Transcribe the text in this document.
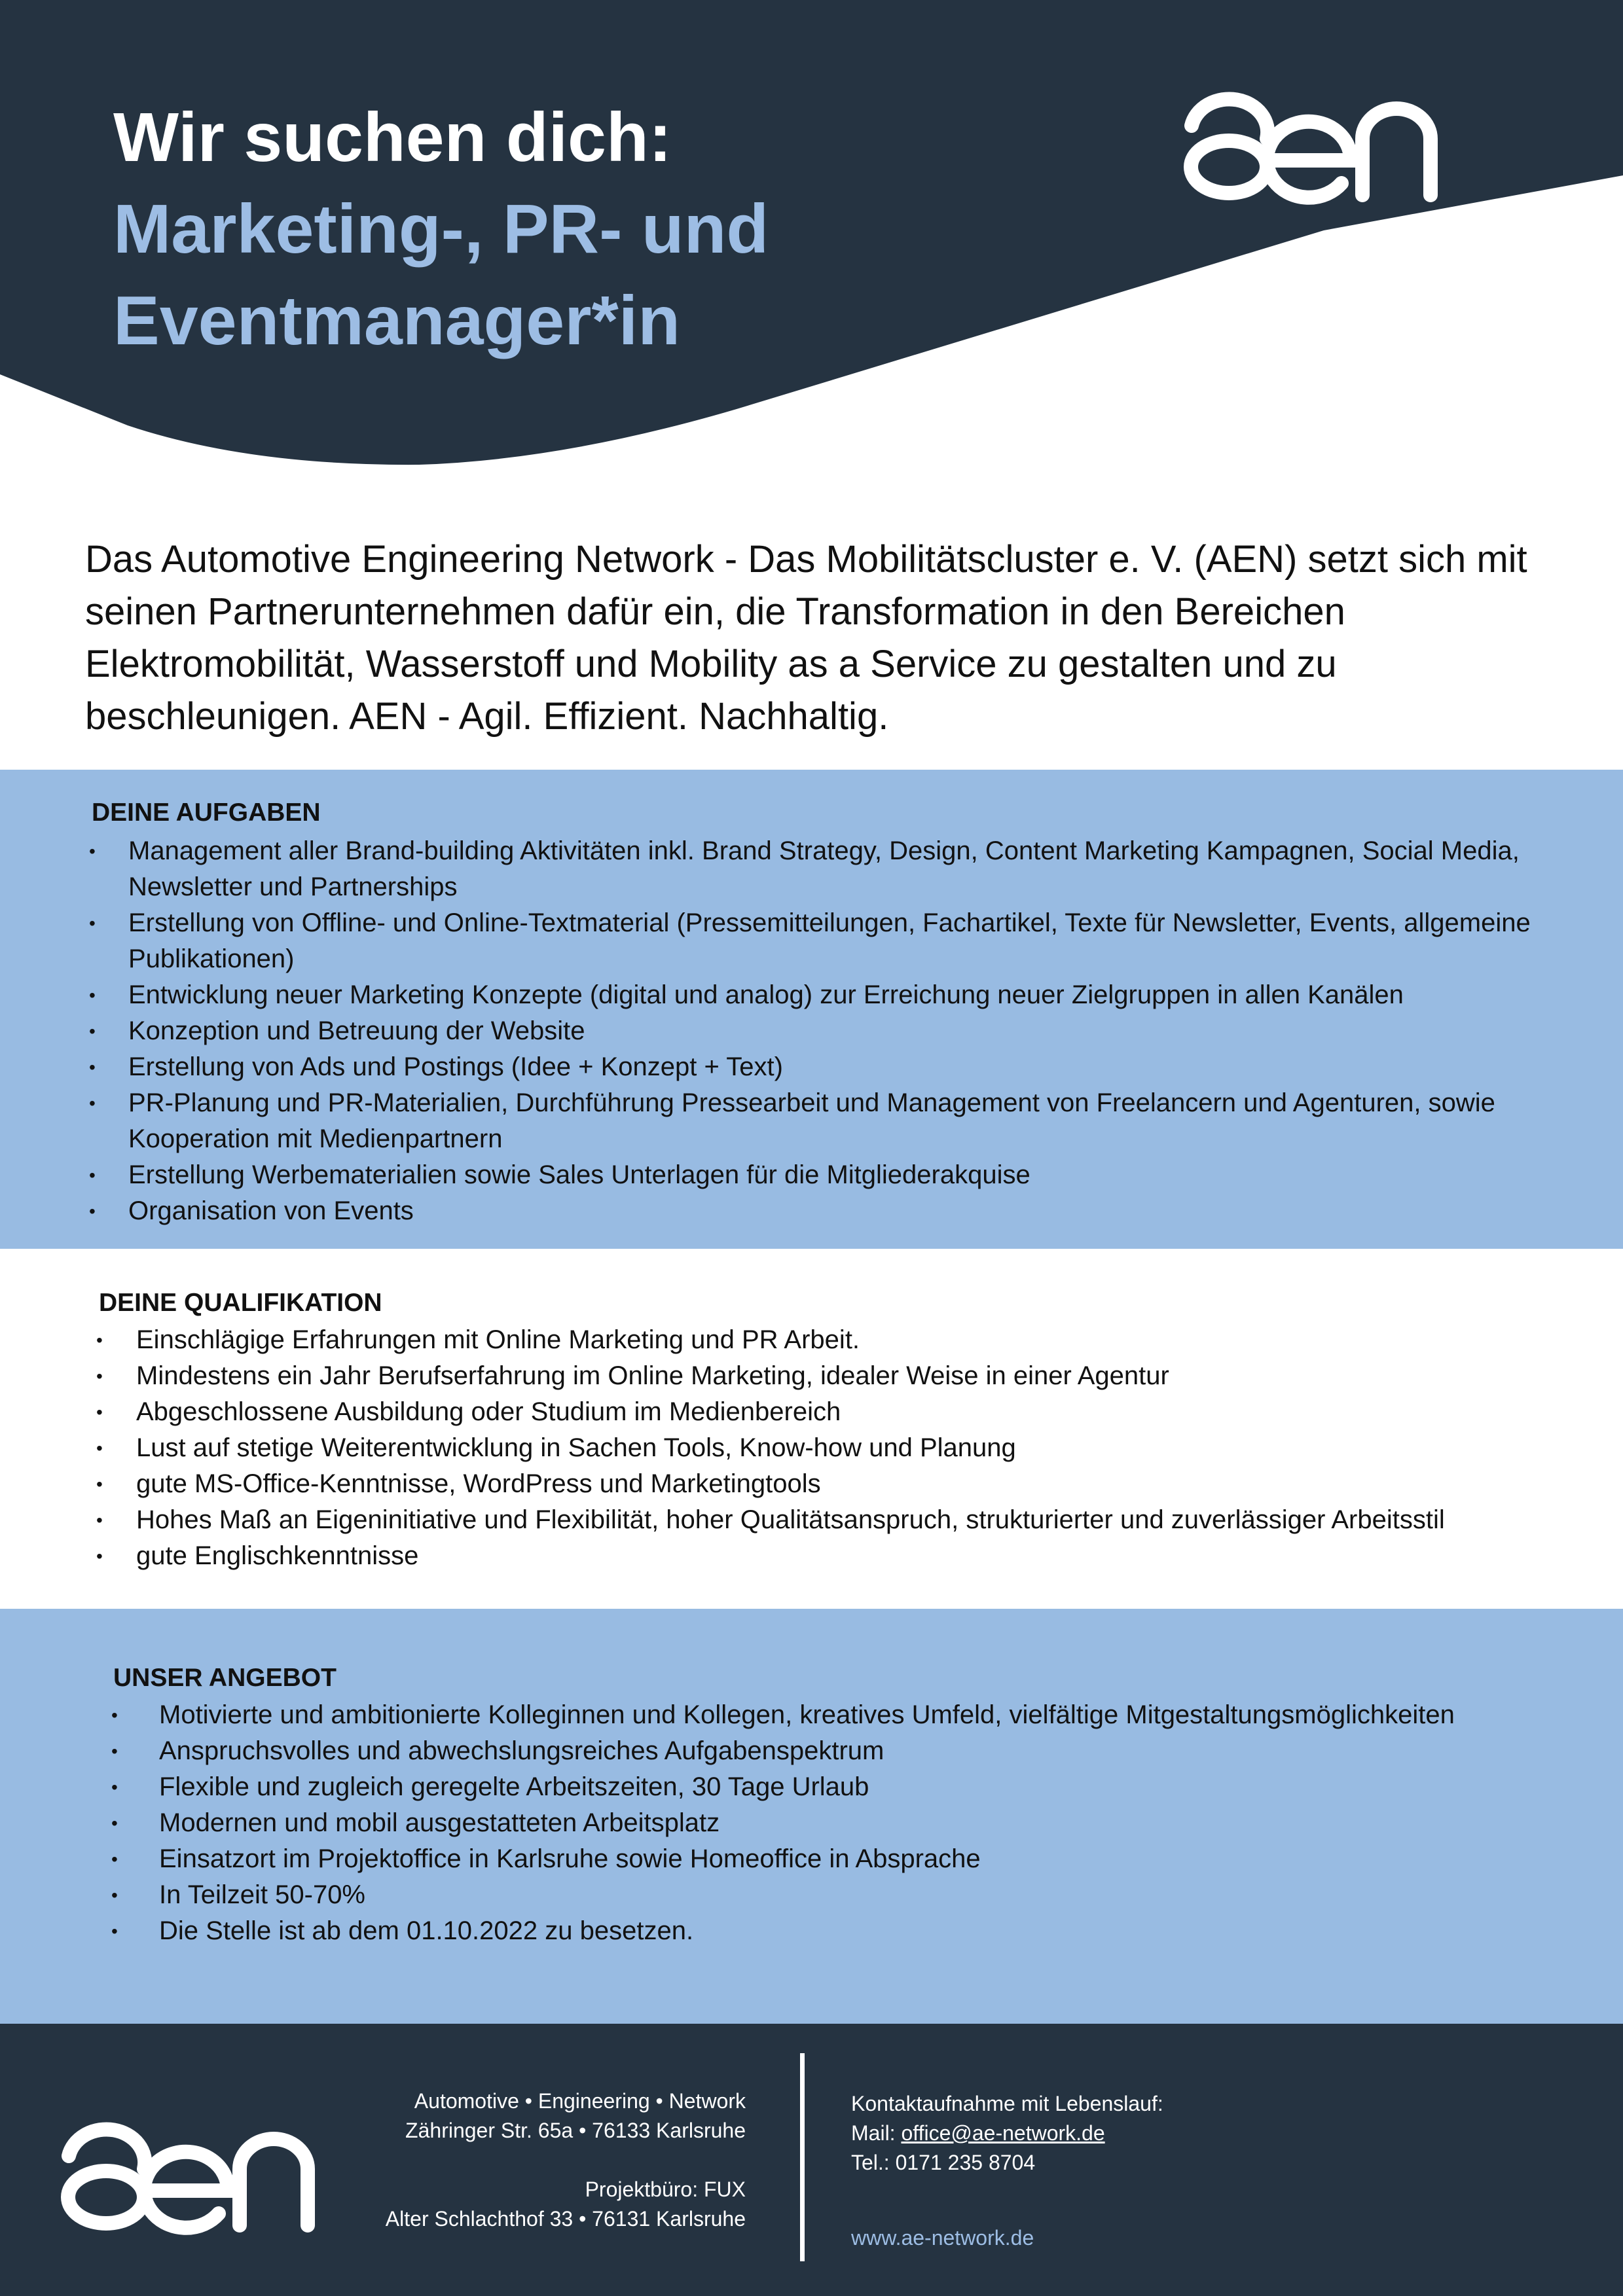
Wir suchen dich:
Marketing-, PR- und
Eventmanager*in

Das Automotive Engineering Network - Das Mobilitätscluster e. V. (AEN) setzt sich mit seinen Partnerunternehmen dafür ein, die Transformation in den Bereichen Elektromobilität, Wasserstoff und Mobility as a Service zu gestalten und zu beschleunigen. AEN - Agil. Effizient. Nachhaltig.

DEINE AUFGABEN
• Management aller Brand-building Aktivitäten inkl. Brand Strategy, Design, Content Marketing Kampagnen, Social Media, Newsletter und Partnerships
• Erstellung von Offline- und Online-Textmaterial (Pressemitteilungen, Fachartikel, Texte für Newsletter, Events, allgemeine Publikationen)
• Entwicklung neuer Marketing Konzepte (digital und analog) zur Erreichung neuer Zielgruppen in allen Kanälen
• Konzeption und Betreuung der Website
• Erstellung von Ads und Postings (Idee + Konzept + Text)
• PR-Planung und PR-Materialien, Durchführung Pressearbeit und Management von Freelancern und Agenturen, sowie Kooperation mit Medienpartnern
• Erstellung Werbematerialien sowie Sales Unterlagen für die Mitgliederakquise
• Organisation von Events
DEINE QUALIFIKATION
• Einschlägige Erfahrungen mit Online Marketing und PR Arbeit.
• Mindestens ein Jahr Berufserfahrung im Online Marketing, idealer Weise in einer Agentur
• Abgeschlossene Ausbildung oder Studium im Medienbereich
• Lust auf stetige Weiterentwicklung in Sachen Tools, Know-how und Planung
• gute MS-Office-Kenntnisse, WordPress und Marketingtools
• Hohes Maß an Eigeninitiative und Flexibilität, hoher Qualitätsanspruch, strukturierter und zuverlässiger Arbeitsstil
• gute Englischkenntnisse
UNSER ANGEBOT
• Motivierte und ambitionierte Kolleginnen und Kollegen, kreatives Umfeld, vielfältige Mitgestaltungsmöglichkeiten
• Anspruchsvolles und abwechslungsreiches Aufgabenspektrum
• Flexible und zugleich geregelte Arbeitszeiten, 30 Tage Urlaub
• Modernen und mobil ausgestatteten Arbeitsplatz
• Einsatzort im Projektoffice in Karlsruhe sowie Homeoffice in Absprache
• In Teilzeit 50-70%
• Die Stelle ist ab dem 01.10.2022 zu besetzen.

Automotive • Engineering • Network

Zähringer Str. 65a • 76133 Karlsruhe

Projektbüro: FUX

Alter Schlachthof 33 • 76131 Karlsruhe

Kontaktaufnahme mit Lebenslauf:

Mail: office@ae-network.de

Tel.: 0171 235 8704

www.ae-network.de
